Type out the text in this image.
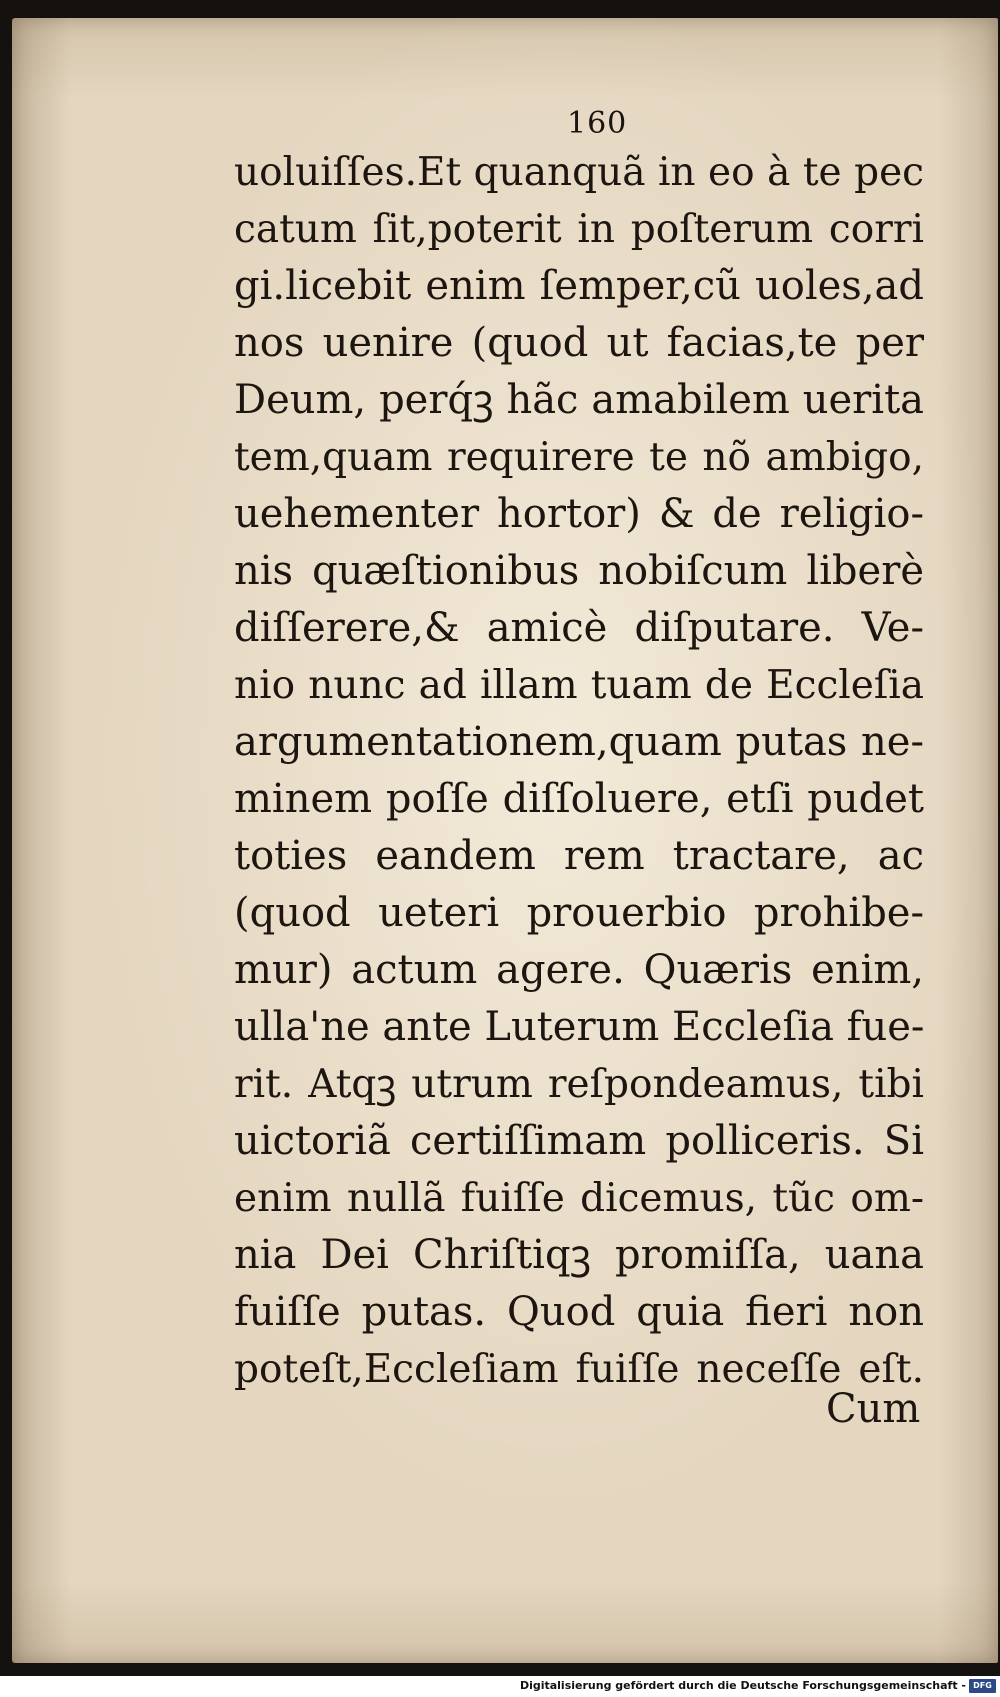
160
uoluiſſes.Et quanquã in eo à te pec
catum ſit,poterit in poſterum corri
gi.licebit enim ſemper,cũ uoles,ad
nos uenire (quod ut facias,te per
Deum, perq́ꝫ hãc amabilem uerita
tem,quam requirere te nõ ambigo,
uehementer hortor) & de religio-
nis quæſtionibus nobiſcum liberè
diſſerere,& amicè diſputare. Ve-
nio nunc ad illam tuam de Eccleſia
argumentationem,quam putas ne-
minem poſſe diſſoluere, etſi pudet
toties eandem rem tractare, ac
(quod ueteri prouerbio prohibe-
mur) actum agere. Quæris enim,
ulla'ne ante Luterum Eccleſia fue-
rit. Atqꝫ utrum reſpondeamus, tibi
uictoriã certiſſimam polliceris. Si
enim nullã fuiſſe dicemus, tũc om-
nia Dei Chriſtiqꝫ promiſſa, uana
fuiſſe putas. Quod quia fieri non
poteſt,Eccleſiam fuiſſe neceſſe eſt.
Cum
Digitalisierung gefördert durch die Deutsche Forschungsgemeinschaft - DFG
